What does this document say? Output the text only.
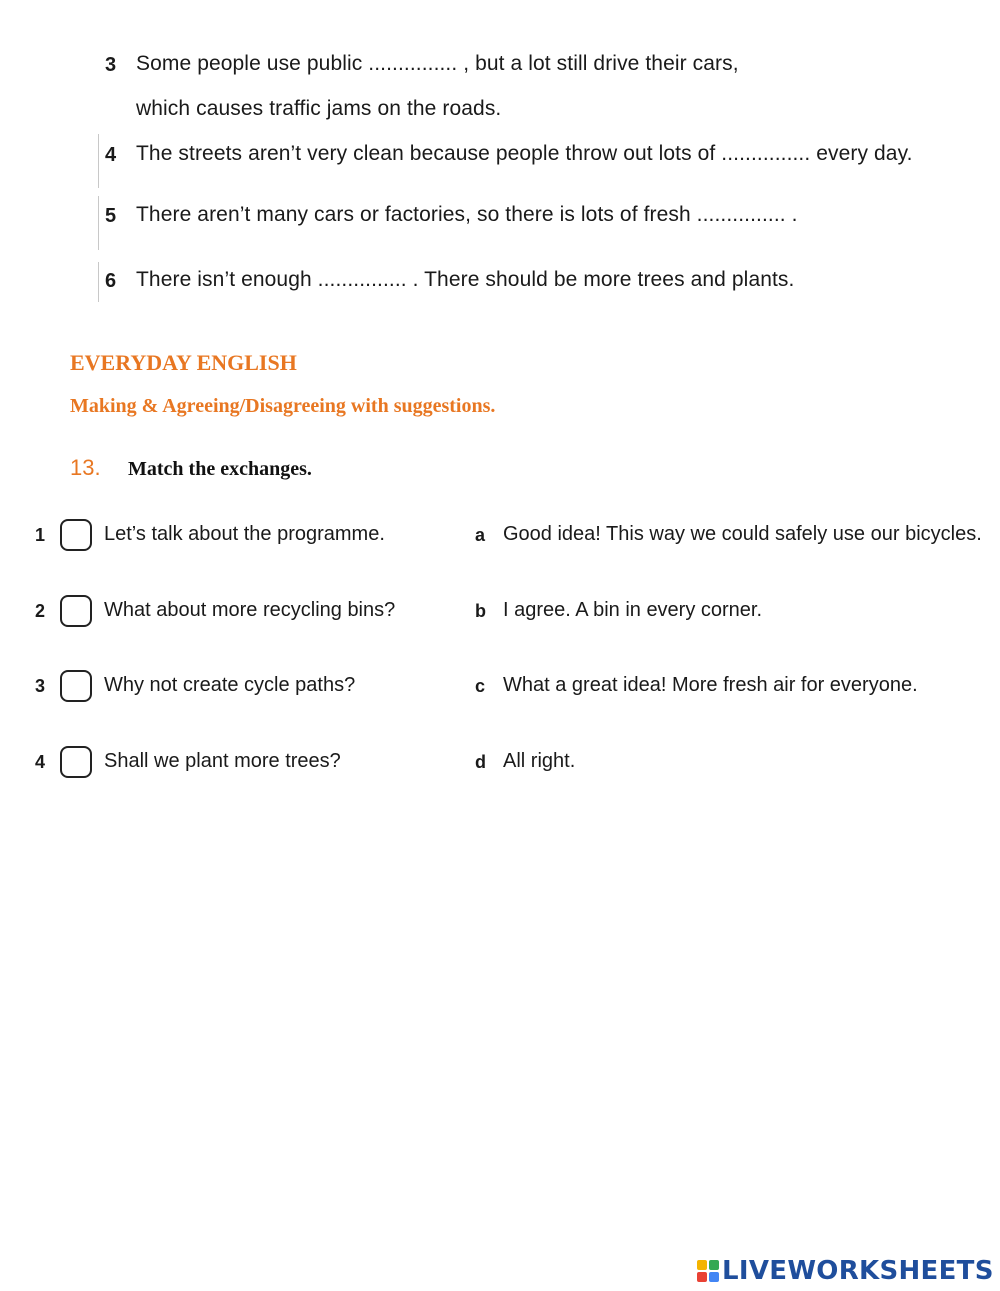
3 Some people use public ............... , but a lot still drive their cars,
which causes traffic jams on the roads.
4 The streets aren’t very clean because people throw out lots of ............... every day.
5 There aren’t many cars or factories, so there is lots of fresh ............... .
6 There isn’t enough ............... . There should be more trees and plants.
EVERYDAY ENGLISH
Making & Agreeing/Disagreeing with suggestions.
13. Match the exchanges.
1	Let’s talk about the programme.	a Good idea! This way we could safely use our bicycles.
2	What about more recycling bins?	b I agree. A bin in every corner.
3	Why not create cycle paths?	c What a great idea! More fresh air for everyone.
4	Shall we plant more trees?	d All right.
LIVEWORKSHEETS
